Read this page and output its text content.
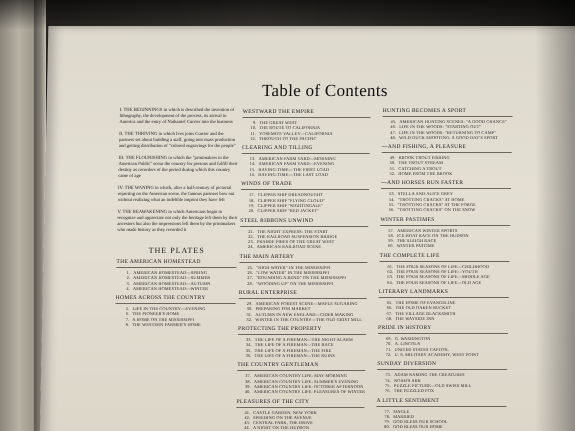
Table of Contents

I. THE BEGINNINGS in which is described the invention of lithography, the development of the process, its arrival in America and the entry of Nathaniel Currier into the business

II. THE THRIVING in which Ives joins Currier and the partners set about building a staff, going into mass production and getting distribution of "colored engravings for the people"

III. THE FLOURISHING in which the "printmakers to the American Public" scour the country for persons and fulfill their destiny as recorders of the period during which this country came of age

IV. THE WANING in which, after a half-century of pictorial reporting on the American scene, the famous partners bow out without realizing what an indelible imprint they have left

V. THE REAWAKENING in which Americans begin to recognize and appreciate not only the heritage left them by their ancestors but also the impressions left them by the printmakers who made history as they recorded it

THE PLATES
THE AMERICAN HOMESTEAD
1. AMERICAN HOMESTEAD—SPRING
2. AMERICAN HOMESTEAD—SUMMER
3. AMERICAN HOMESTEAD—AUTUMN
4. AMERICAN HOMESTEAD—WINTER
HOMES ACROSS THE COUNTRY
5. LIFE IN THE COUNTRY—EVENING
6. THE PIONEER'S HOME
7. A HOME ON THE MISSISSIPPI
8. THE WESTERN FARMER'S HOME
WESTWARD THE EMPIRE
9. THE GREAT WEST
10. THE ROUTE TO CALIFORNIA
11. YOSEMITE VALLEY—CALIFORNIA
12. THROUGH TO THE PACIFIC
CLEARING AND TILLING
13. AMERICAN FARM YARD—MORNING
14. AMERICAN FARM YARD—EVENING
15. HAYING-TIME—THE FIRST LOAD
16. HAYING-TIME—THE LAST LOAD
WINDS OF TRADE
17. CLIPPER SHIP DREADNOUGHT
18. CLIPPER SHIP "FLYING CLOUD"
19. CLIPPER SHIP "NIGHTINGALE"
20. CLIPPER SHIP "RED JACKET"
STEEL RIBBONS UNWIND
21. THE NIGHT EXPRESS: THE START
22. THE RAILROAD SUSPENSION BRIDGE
23. PRAIRIE FIRES OF THE GREAT WEST
24. AMERICAN RAILROAD SCENE
THE MAIN ARTERY
25. "HIGH WATER" IN THE MISSISSIPPI
26. "LOW WATER" IN THE MISSISSIPPI
27. "ROUNDING A BEND" ON THE MISSISSIPPI
28. "WOODING UP" ON THE MISSISSIPPI
RURAL ENTERPRISE
29. AMERICAN FOREST SCENE—MAPLE SUGARING
30. PREPARING FOR MARKET
31. AUTUMN IN NEW ENGLAND—CIDER MAKING
32. WINTER IN THE COUNTRY—THE OLD GRIST MILL
PROTECTING THE PROPERTY
33. THE LIFE OF A FIREMAN—THE NIGHT ALARM
34. THE LIFE OF A FIREMAN—THE RACE
35. THE LIFE OF A FIREMAN—THE FIRE
36. THE LIFE OF A FIREMAN—THE RUINS
THE COUNTRY GENTLEMAN
37. AMERICAN COUNTRY LIFE: MAY MORNING
38. AMERICAN COUNTRY LIFE: SUMMER'S EVENING
39. AMERICAN COUNTRY LIFE: OCTOBER AFTERNOON
40. AMERICAN COUNTRY LIFE: PLEASURES OF WINTER
PLEASURES OF THE CITY
41. CASTLE GARDEN, NEW YORK
42. SPEEDING ON THE AVENUE
43. CENTRAL PARK, THE DRIVE
44. A NIGHT ON THE HUDSON
HUNTING BECOMES A SPORT
45. AMERICAN HUNTING SCENES: "A GOOD CHANCE"
46. LIFE IN THE WOODS: "STARTING OUT"
47. LIFE IN THE WOODS: "RETURNING TO CAMP"
48. WILD DUCK SHOOTING: A GOOD DAY'S SPORT
—AND FISHING, A PLEASURE
49. BROOK TROUT FISHING
50. THE TROUT STREAM
51. CATCHING A TROUT
52. HOME FROM THE BROOK
—AND HORSES RUN FASTER
53. STELLA AND ALICE GREY
54. "TROTTING CRACKS" AT HOME
55. "TROTTING CRACKS" AT THE FORGE
56. "TROTTING CRACKS" ON THE SNOW
WINTER PASTIMES
57. AMERICAN WINTER SPORTS
58. ICE-BOAT RACE ON THE HUDSON
59. THE SLEIGH RACE
60. WINTER PASTIME
THE COMPLETE LIFE
61. THE FOUR SEASONS OF LIFE—CHILDHOOD
62. THE FOUR SEASONS OF LIFE—YOUTH
63. THE FOUR SEASONS OF LIFE—MIDDLE AGE
64. THE FOUR SEASONS OF LIFE—OLD AGE
LITERARY LANDMARKS
65. THE HOME OF EVANGELINE
66. THE OLD OAKEN BUCKET
67. THE VILLAGE BLACKSMITH
68. THE WAYSIDE INN
PRIDE IN HISTORY
69. G. WASHINGTON
70. A. LINCOLN
71. UNITED STATES CAPITOL
72. U. S. MILITARY ACADEMY, WEST POINT
SUNDAY DIVERSION
73. ADAM NAMING THE CREATURES
74. NOAH'S ARK
75. PUZZLE PICTURE—OLD SWISS MILL
76. THE PUZZLED FOX
A LITTLE SENTIMENT
77. SINGLE
78. MARRIED
79. GOD BLESS OUR SCHOOL
80. GOD BLESS OUR HOME
